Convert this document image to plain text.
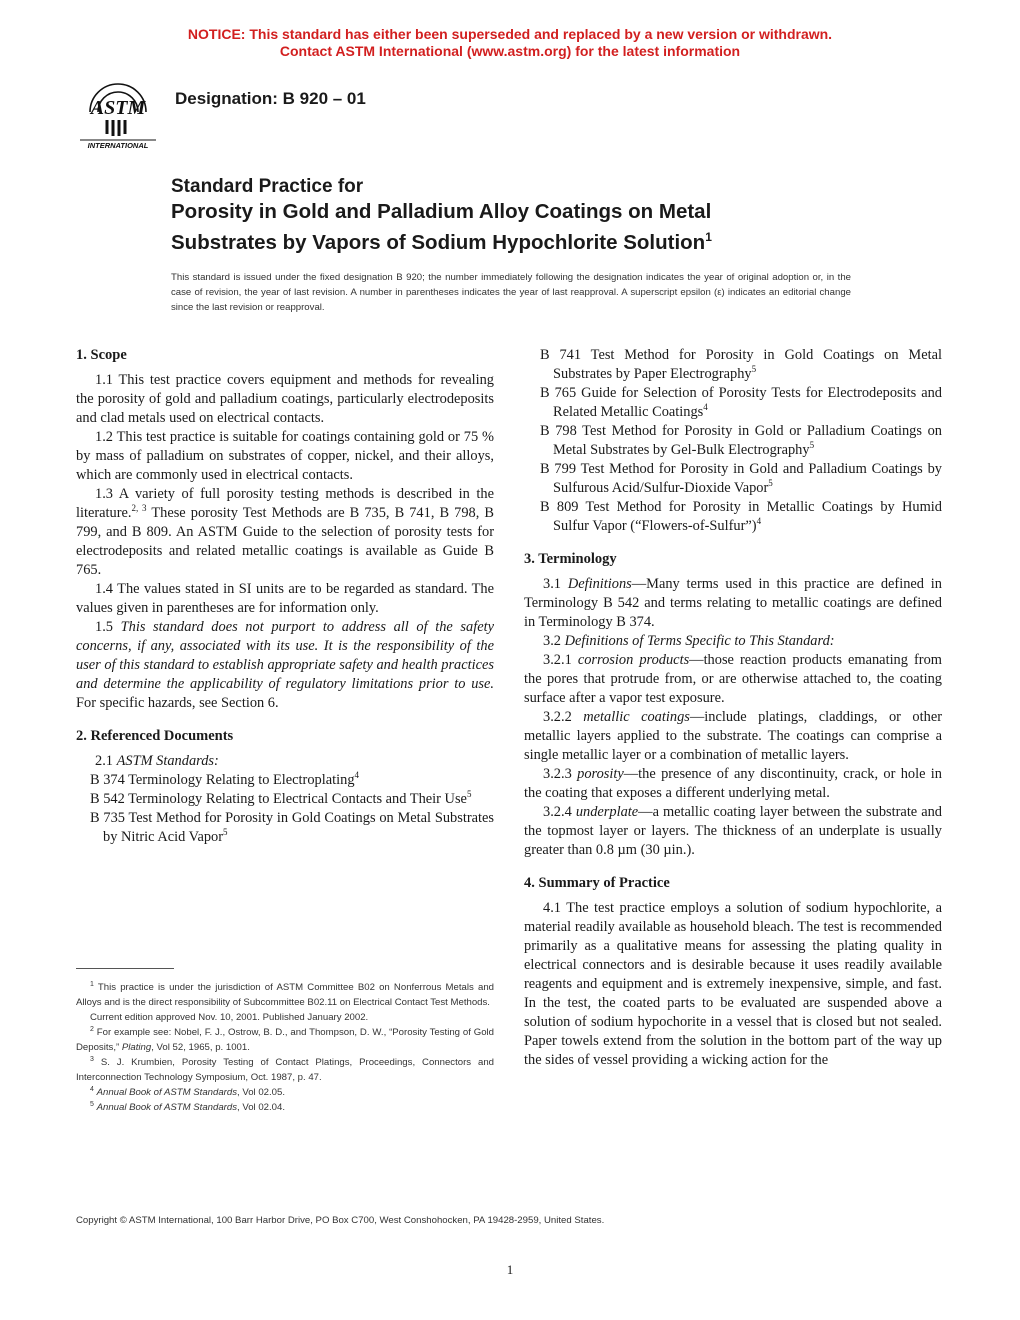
NOTICE: This standard has either been superseded and replaced by a new version or withdrawn.
Contact ASTM International (www.astm.org) for the latest information
ASTM
INTERNATIONAL
Designation: B 920 – 01
Standard Practice for
Porosity in Gold and Palladium Alloy Coatings on Metal
Substrates by Vapors of Sodium Hypochlorite Solution$^1$
This standard is issued under the fixed designation B 920; the number immediately following the designation indicates the year of original adoption or, in the case of revision, the year of last revision. A number in parentheses indicates the year of last reapproval. A superscript epsilon (ε) indicates an editorial change since the last revision or reapproval.
1. Scope

1.1 This test practice covers equipment and methods for revealing the porosity of gold and palladium coatings, particularly electrodeposits and clad metals used on electrical contacts.

1.2 This test practice is suitable for coatings containing gold or 75 % by mass of palladium on substrates of copper, nickel, and their alloys, which are commonly used in electrical contacts.

1.3 A variety of full porosity testing methods is described in the literature.$^{2, 3}$ These porosity Test Methods are B 735, B 741, B 798, B 799, and B 809. An ASTM Guide to the selection of porosity tests for electrodeposits and related metallic coatings is available as Guide B 765.

1.4 The values stated in SI units are to be regarded as standard. The values given in parentheses are for information only.

1.5 This standard does not purport to address all of the safety concerns, if any, associated with its use. It is the responsibility of the user of this standard to establish appropriate safety and health practices and determine the applicability of regulatory limitations prior to use. For specific hazards, see Section 6.

2. Referenced Documents

2.1 ASTM Standards:

B 374 Terminology Relating to Electroplating$^4$
B 542 Terminology Relating to Electrical Contacts and Their Use$^5$
B 735 Test Method for Porosity in Gold Coatings on Metal Substrates by Nitric Acid Vapor$^5$
B 741 Test Method for Porosity in Gold Coatings on Metal Substrates by Paper Electrography$^5$
B 765 Guide for Selection of Porosity Tests for Electrodeposits and Related Metallic Coatings$^4$
B 798 Test Method for Porosity in Gold or Palladium Coatings on Metal Substrates by Gel-Bulk Electrography$^5$
B 799 Test Method for Porosity in Gold and Palladium Coatings by Sulfurous Acid/Sulfur-Dioxide Vapor$^5$
B 809 Test Method for Porosity in Metallic Coatings by Humid Sulfur Vapor (“Flowers-of-Sulfur”)$^4$
3. Terminology

3.1 Definitions—Many terms used in this practice are defined in Terminology B 542 and terms relating to metallic coatings are defined in Terminology B 374.

3.2 Definitions of Terms Specific to This Standard:

3.2.1 corrosion products—those reaction products emanating from the pores that protrude from, or are otherwise attached to, the coating surface after a vapor test exposure.

3.2.2 metallic coatings—include platings, claddings, or other metallic layers applied to the substrate. The coatings can comprise a single metallic layer or a combination of metallic layers.

3.2.3 porosity—the presence of any discontinuity, crack, or hole in the coating that exposes a different underlying metal.

3.2.4 underplate—a metallic coating layer between the substrate and the topmost layer or layers. The thickness of an underplate is usually greater than 0.8 µm (30 µin.).

4. Summary of Practice

4.1 The test practice employs a solution of sodium hypochlorite, a material readily available as household bleach. The test is recommended primarily as a qualitative means for assessing the plating quality in electrical connectors and is desirable because it uses readily available reagents and equipment and is extremely inexpensive, simple, and fast. In the test, the coated parts to be evaluated are suspended above a solution of sodium hypochorite in a vessel that is closed but not sealed. Paper towels extend from the solution in the bottom part of the way up the sides of vessel providing a wicking action for the

$^1$ This practice is under the jurisdiction of ASTM Committee B02 on Nonferrous Metals and Alloys and is the direct responsibility of Subcommittee B02.11 on Electrical Contact Test Methods.
Current edition approved Nov. 10, 2001. Published January 2002.
$^2$ For example see: Nobel, F. J., Ostrow, B. D., and Thompson, D. W., “Porosity Testing of Gold Deposits,” Plating, Vol 52, 1965, p. 1001.
$^3$ S. J. Krumbien, Porosity Testing of Contact Platings, Proceedings, Connectors and Interconnection Technology Symposium, Oct. 1987, p. 47.
$^4$ Annual Book of ASTM Standards, Vol 02.05.
$^5$ Annual Book of ASTM Standards, Vol 02.04.
Copyright © ASTM International, 100 Barr Harbor Drive, PO Box C700, West Conshohocken, PA 19428-2959, United States.
1
